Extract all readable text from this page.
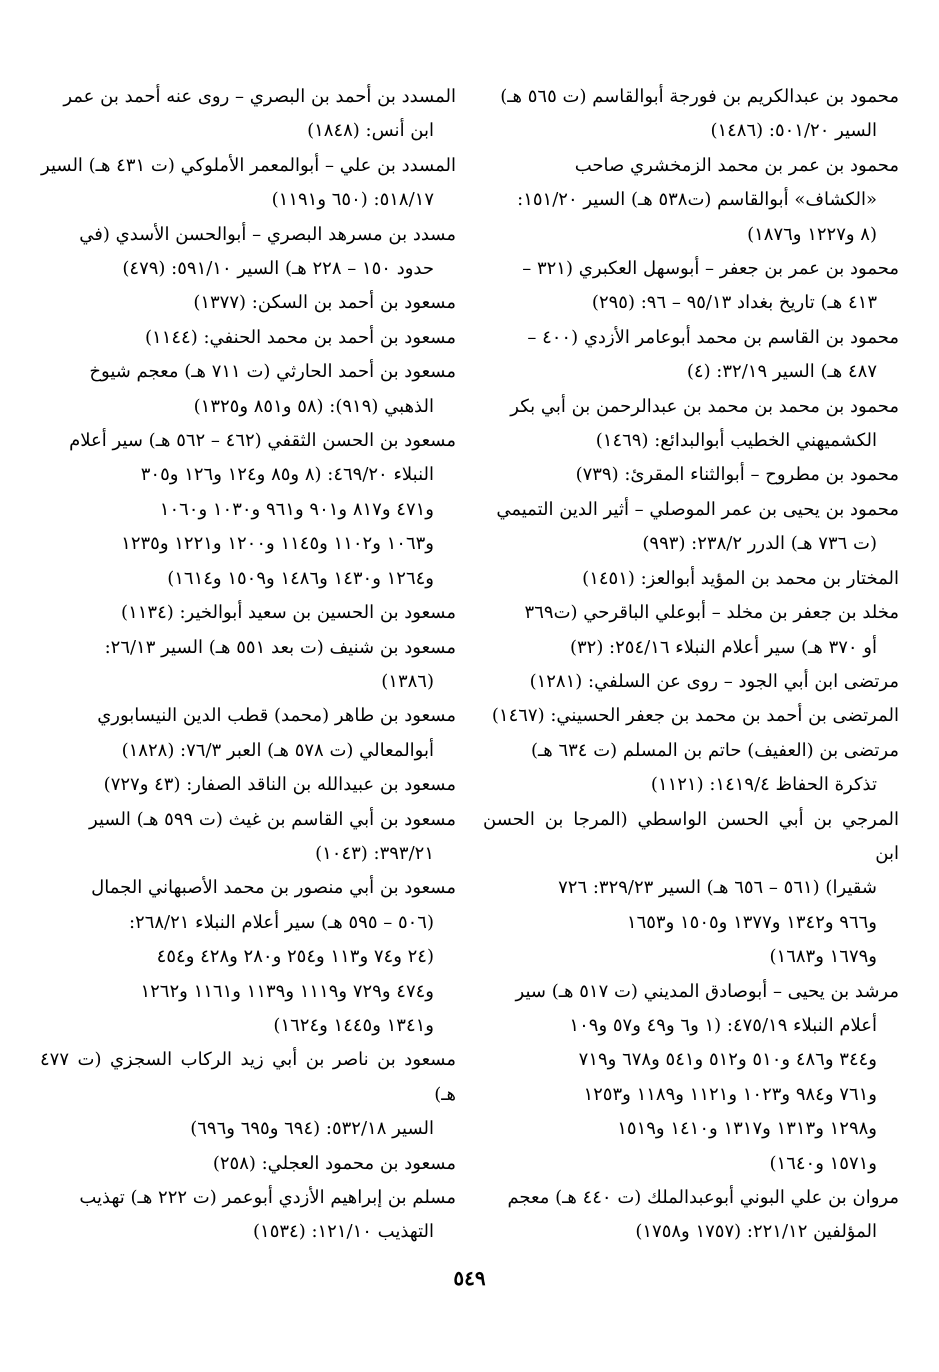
محمود بن عبدالكريم بن فورجة أبوالقاسم (ت ٥٦٥ هـ)
السير ٥٠١/٢٠: (١٤٨٦)

محمود بن عمر بن محمد الزمخشري صاحب
«الكشاف» أبوالقاسم (ت٥٣٨ هـ) السير ١٥١/٢٠:
(٨ و١٢٢٧ و١٨٧٦)

محمود بن عمر بن جعفر – أبوسهل العكبري (٣٢١ –
٤١٣ هـ) تاريخ بغداد ٩٥/١٣ – ٩٦: (٢٩٥)

محمود بن القاسم بن محمد أبوعامر الأزدي (٤٠٠ –
٤٨٧ هـ) السير ٣٢/١٩: (٤)

محمود بن محمد بن محمد بن عبدالرحمن بن أبي بكر
الكشميهني الخطيب أبوالبدائع: (١٤٦٩)

محمود بن مطروح – أبوالثناء المقرئ: (٧٣٩)

محمود بن يحيى بن عمر الموصلي – أثير الدين التميمي
(ت ٧٣٦ هـ) الدرر ٢٣٨/٢: (٩٩٣)

المختار بن محمد بن المؤيد أبوالعز: (١٤٥١)

مخلد بن جعفر بن مخلد – أبوعلي الباقرحي (ت٣٦٩
أو ٣٧٠ هـ) سير أعلام النبلاء ٢٥٤/١٦: (٣٢)

مرتضى ابن أبي الجود – روى عن السلفي: (١٢٨١)

المرتضى بن أحمد بن محمد بن جعفر الحسيني: (١٤٦٧)

مرتضى بن (العفيف) حاتم بن المسلم (ت ٦٣٤ هـ)
تذكرة الحفاظ ١٤١٩/٤: (١١٢١)

المرجي بن أبي الحسن الواسطي (المرجا بن الحسن ابن
شقيرا) (٥٦١ – ٦٥٦ هـ) السير ٣٢٩/٢٣: ٧٢٦
و٩٦٦ و١٣٤٢ و١٣٧٧ و١٥٠٥ و١٦٥٣
و١٦٧٩ و١٦٨٣)

مرشد بن يحيى – أبوصادق المديني (ت ٥١٧ هـ) سير
أعلام النبلاء ٤٧٥/١٩: (١ و٦ و٤٩ و٥٧ و١٠٩
و٣٤٤ و٤٨٦ و٥١٠ و٥١٢ و٥٤١ و٦٧٨ و٧١٩
و٧٦١ و٩٨٤ و١٠٢٣ و١١٢١ و١١٨٩ و١٢٥٣
و١٢٩٨ و١٣١٣ و١٣١٧ و١٤١٠ و١٥١٩
و١٥٧١ و١٦٤٠)

مروان بن علي البوني أبوعبدالملك (ت ٤٤٠ هـ) معجم
المؤلفين ٢٢١/١٢: (١٧٥٧ و١٧٥٨)

المسدد بن أحمد بن البصري – روى عنه أحمد بن عمر
ابن أنس: (١٨٤٨)

المسدد بن علي – أبوالمعمر الأملوكي (ت ٤٣١ هـ) السير
٥١٨/١٧: (٦٥٠ و١١٩١)

مسدد بن مسرهد البصري – أبوالحسن الأسدي (في
حدود ١٥٠ – ٢٢٨ هـ) السير ٥٩١/١٠: (٤٧٩)

مسعود بن أحمد بن السكن: (١٣٧٧)

مسعود بن أحمد بن محمد الحنفي: (١١٤٤)

مسعود بن أحمد الحارثي (ت ٧١١ هـ) معجم شيوخ
الذهبي (٩١٩): (٥٨ و٨٥١ و١٣٢٥)

مسعود بن الحسن الثقفي (٤٦٢ – ٥٦٢ هـ) سير أعلام
النبلاء ٤٦٩/٢٠: (٨ و٨٥ و١٢٤ و١٢٦ و٣٠٥
و٤٧١ و٨١٧ و٩٠١ و٩٦١ و١٠٣٠ و١٠٦٠
و١٠٦٣ و١١٠٢ و١١٤٥ و١٢٠٠ و١٢٢١ و١٢٣٥
و١٢٦٤ و١٤٣٠ و١٤٨٦ و١٥٠٩ و١٦١٤)

مسعود بن الحسين بن سعيد أبوالخير: (١١٣٤)

مسعود بن شنيف (ت بعد ٥٥١ هـ) السير ٢٦/١٣:
(١٣٨٦)

مسعود بن طاهر (محمد) قطب الدين النيسابوري
أبوالمعالي (ت ٥٧٨ هـ) العبر ٧٦/٣: (١٨٢٨)

مسعود بن عبيدالله بن الناقد الصفار: (٤٣ و٧٢٧)

مسعود بن أبي القاسم بن غيث (ت ٥٩٩ هـ) السير
٣٩٣/٢١: (١٠٤٣)

مسعود بن أبي منصور بن محمد الأصبهاني الجمال
(٥٠٦ – ٥٩٥ هـ) سير أعلام النبلاء ٢٦٨/٢١:
(٢٤ و٧٤ و١١٣ و٢٥٤ و٢٨٠ و٤٢٨ و٤٥٤
و٤٧٤ و٧٢٩ و١١١٩ و١١٣٩ و١١٦١ و١٢٦٢
و١٣٤١ و١٤٤٥ و١٦٢٤)

مسعود بن ناصر بن أبي زيد الركاب السجزي (ت ٤٧٧ هـ)
السير ٥٣٢/١٨: (٦٩٤ و٦٩٥ و٦٩٦)

مسعود بن محمود العجلي: (٢٥٨)

مسلم بن إبراهيم الأزدي أبوعمر (ت ٢٢٢ هـ) تهذيب
التهذيب ١٢١/١٠: (١٥٣٤)

٥٤٩
